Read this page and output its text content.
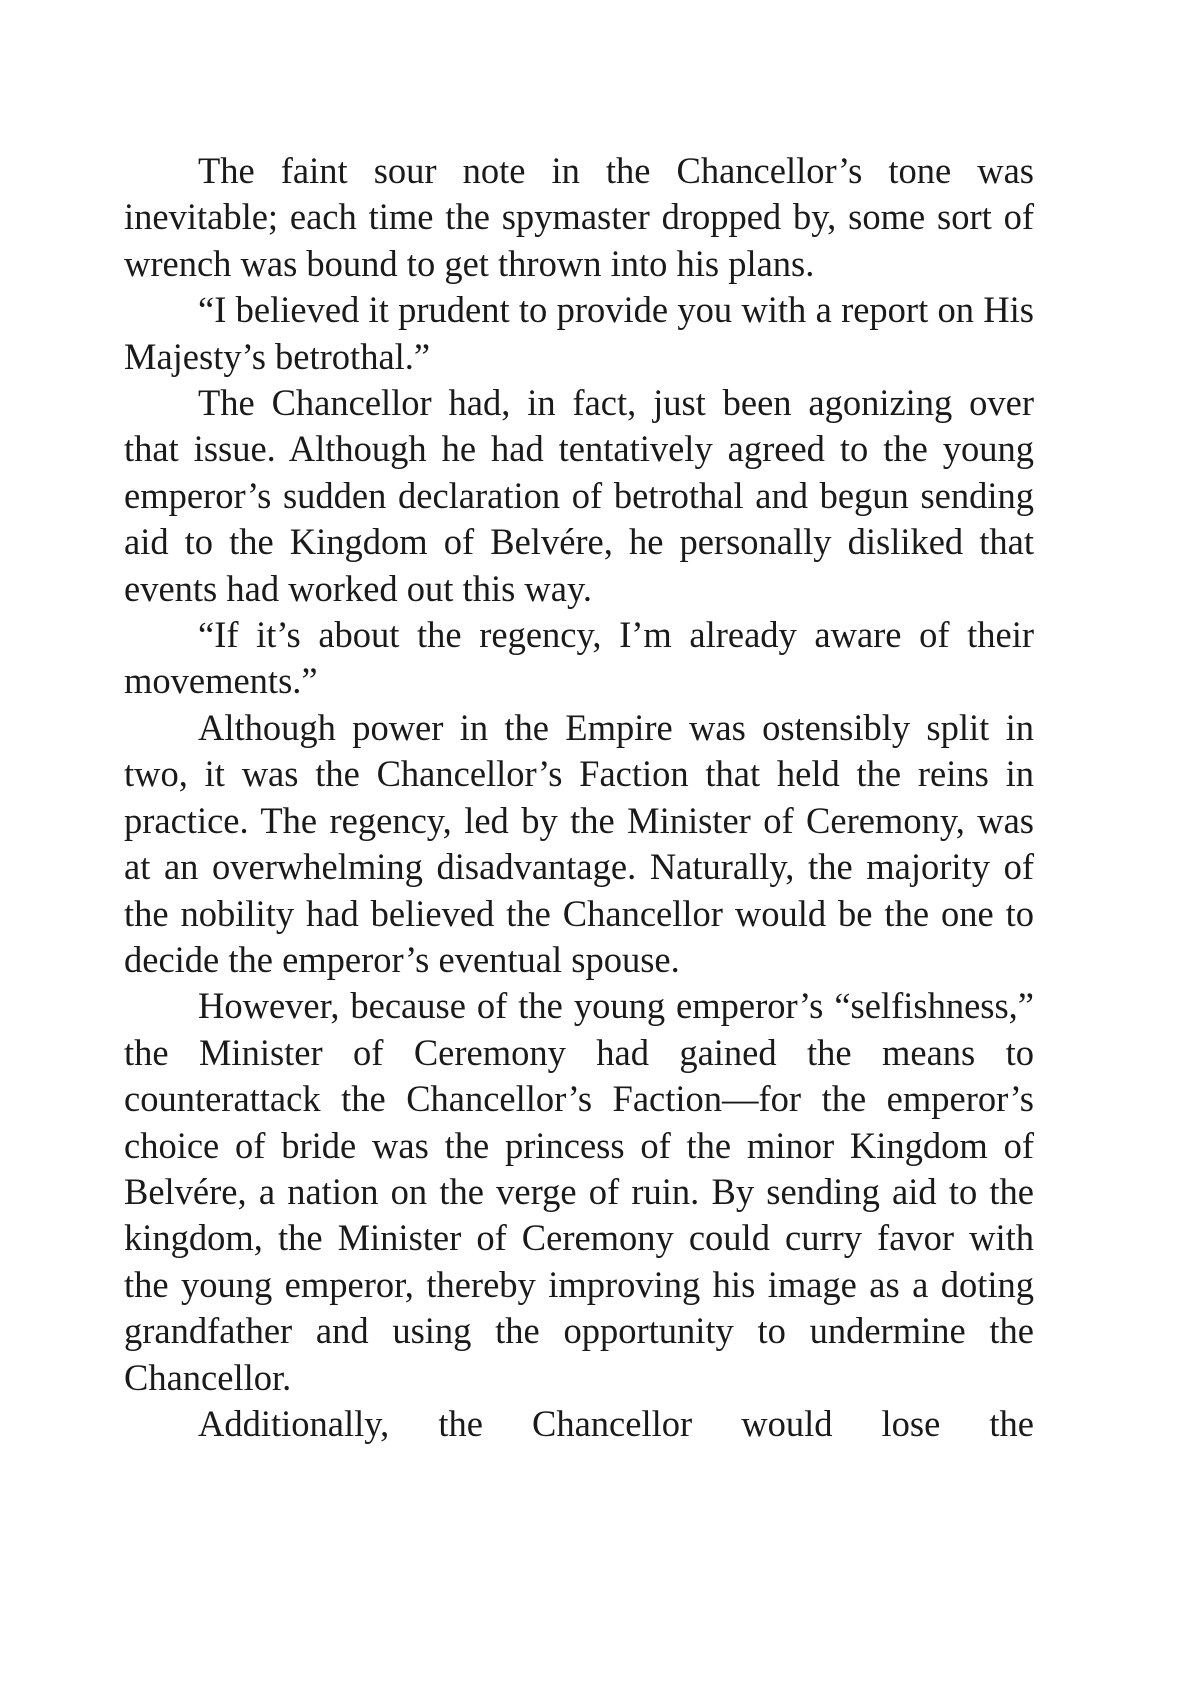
The faint sour note in the Chancellor’s tone was inevitable; each time the spymaster dropped by, some sort of wrench was bound to get thrown into his plans.

“I believed it prudent to provide you with a report on His Majesty’s betrothal.”

The Chancellor had, in fact, just been agonizing over that issue. Although he had tentatively agreed to the young emperor’s sudden declaration of betrothal and begun sending aid to the Kingdom of Belvére, he personally disliked that events had worked out this way.

“If it’s about the regency, I’m already aware of their movements.”

Although power in the Empire was ostensibly split in two, it was the Chancellor’s Faction that held the reins in practice. The regency, led by the Minister of Ceremony, was at an overwhelming disadvantage. Naturally, the majority of the nobility had believed the Chancellor would be the one to decide the emperor’s eventual spouse.

However, because of the young emperor’s “selfishness,” the Minister of Ceremony had gained the means to counterattack the Chancellor’s Faction—for the emperor’s choice of bride was the princess of the minor Kingdom of Belvére, a nation on the verge of ruin. By sending aid to the kingdom, the Minister of Ceremony could curry favor with the young emperor, thereby improving his image as a doting grandfather and using the opportunity to undermine the Chancellor.

Additionally, the Chancellor would lose the
